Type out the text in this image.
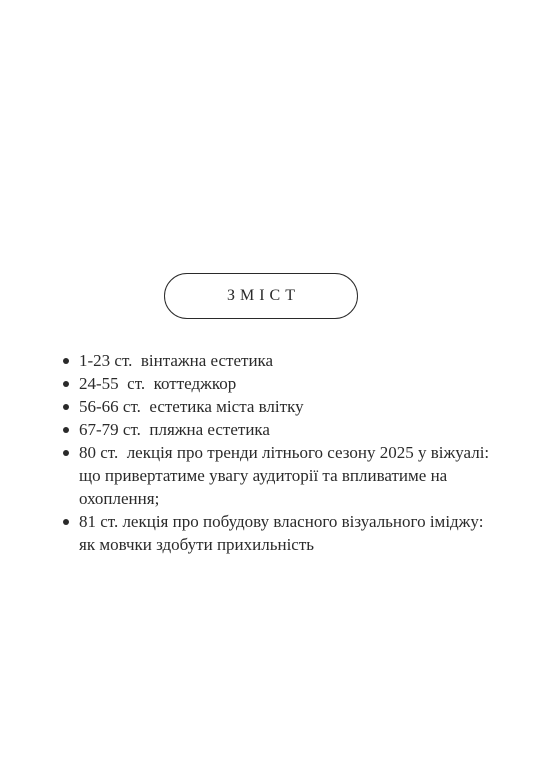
ЗМІСТ
1-23 ст.  вінтажна естетика
24-55  ст.  коттеджкор
56-66 ст.  естетика міста влітку
67-79 ст.  пляжна естетика
80 ст.  лекція про тренди літнього сезону 2025 у віжуалі: що привертатиме увагу аудиторії та впливатиме на охоплення;
81 ст. лекція про побудову власного візуального іміджу: як мовчки здобути прихильність
